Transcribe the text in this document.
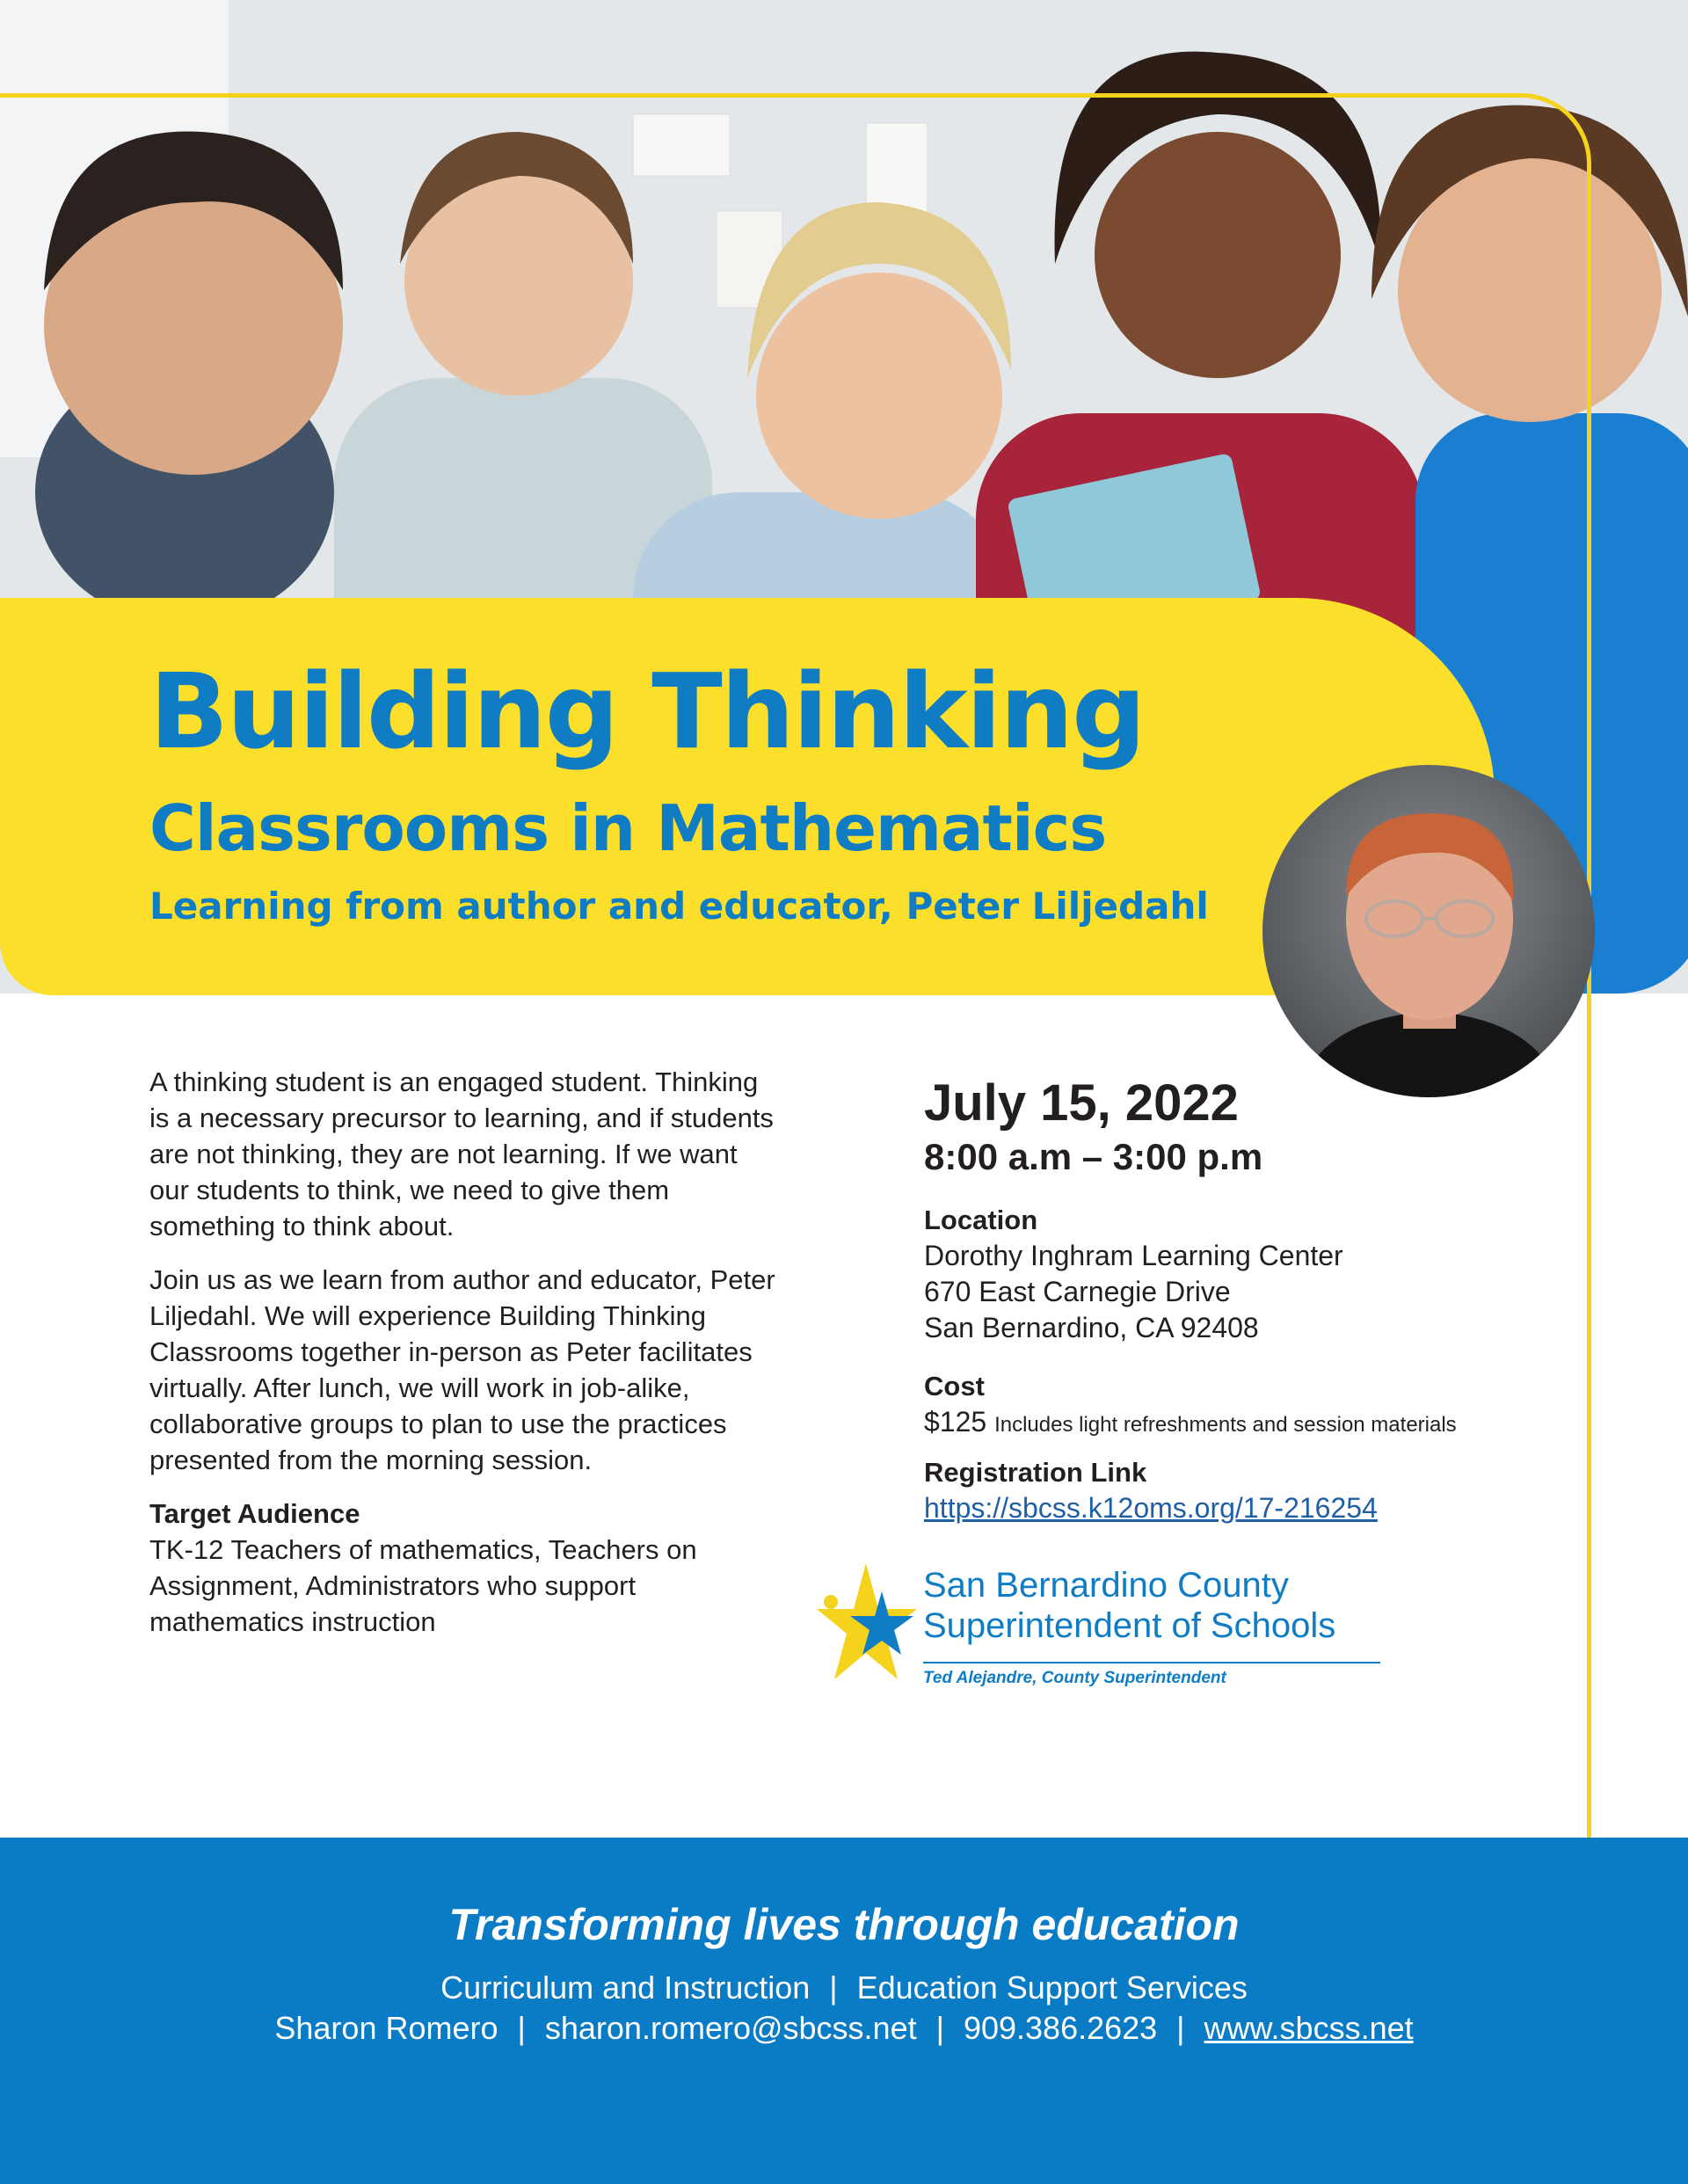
Building Thinking
Classrooms in Mathematics
Learning from author and educator, Peter Liljedahl

A thinking student is an engaged student. Thinking is a necessary precursor to learning, and if students are not thinking, they are not learning. If we want our students to think, we need to give them something to think about.

Join us as we learn from author and educator, Peter Liljedahl. We will experience Building Thinking Classrooms together in-person as Peter facilitates virtually. After lunch, we will work in job-alike, collaborative groups to plan to use the practices presented from the morning session.

Target Audience
TK-12 Teachers of mathematics, Teachers on Assignment, Administrators who support mathematics instruction
July 15, 2022
8:00 a.m – 3:00 p.m
Location
Dorothy Inghram Learning Center
670 East Carnegie Drive
San Bernardino, CA 92408
Cost
$125 Includes light refreshments and session materials
Registration Link
https://sbcss.k12oms.org/17-216254
San Bernardino County
Superintendent of Schools
Ted Alejandre, County Superintendent
Transforming lives through education
Curriculum and Instruction | Education Support Services
Sharon Romero | sharon.romero@sbcss.net | 909.386.2623 | www.sbcss.net
